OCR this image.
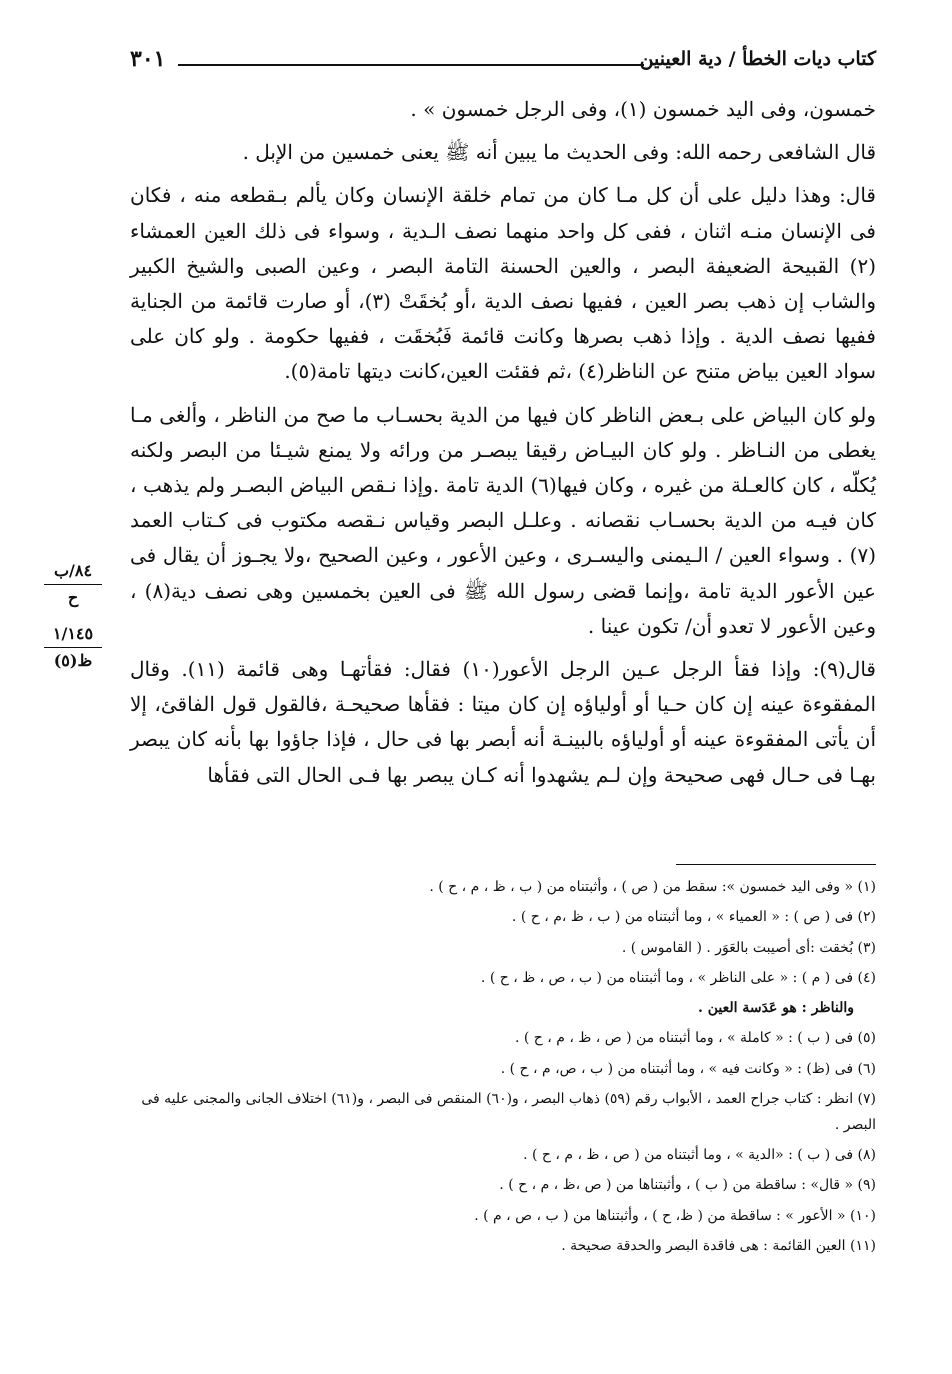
كتاب ديات الخطأ / دية العينين
٣٠١

خمسون، وفى اليد خمسون (١)، وفى الرجل خمسون » .

قال الشافعى رحمه الله: وفى الحديث ما يبين أنه ﷺ يعنى خمسين من الإبل .

قال: وهذا دليل على أن كل مـا كان من تمام خلقة الإنسان وكان يألم بـقطعه منه ، فكان فى الإنسان منـه اثنان ، ففى كل واحد منهما نصف الـدية ، وسواء فى ذلك العين العمشاء (٢) القبيحة الضعيفة البصر ، والعين الحسنة التامة البصر ، وعين الصبى والشيخ الكبير والشاب إن ذهب بصر العين ، ففيها نصف الدية ،أو بُخقَتْ (٣)، أو صارت قائمة من الجناية ففيها نصف الدية . وإذا ذهب بصرها وكانت قائمة فَبُخقَت ، ففيها حكومة . ولو كان على سواد العين بياض متنح عن الناظر(٤) ،ثم فقئت العين،كانت ديتها تامة(٥).

ولو كان البياض على بـعض الناظر كان فيها من الدية بحسـاب ما صح من الناظر ، وألغى مـا يغطى من النـاظر . ولو كان البيـاض رقيقا يبصـر من ورائه ولا يمنع شيـئا من البصر ولكنه يُكلّه ، كان كالعـلة من غيره ، وكان فيها(٦) الدية تامة .وإذا نـقص البياض البصـر ولم يذهب ، كان فيـه من الدية بحسـاب نقصانه . وعلـل البصر وقياس نـقصه مكتوب فى كـتاب العمد (٧) . وسواء العين / الـيمنى واليسـرى ، وعين الأعور ، وعين الصحيح ،ولا يجـوز أن يقال فى عين الأعور الدية تامة ،وإنما قضى رسول الله ﷺ فى العين بخمسين وهى نصف دية(٨) ، وعين الأعور لا تعدو أن/ تكون عينا .

قال(٩): وإذا فقأ الرجل عـين الرجل الأعور(١٠) فقال: فقأتهـا وهى قائمة (١١). وقال المفقوءة عينه إن كان حـيا أو أولياؤه إن كان ميتا : فقأها صحيحـة ،فالقول قول الفاقئ، إلا أن يأتى المفقوءة عينه أو أولياؤه بالبينـة أنه أبصر بها فى حال ، فإذا جاؤوا بها بأنه كان يبصر بهـا فى حـال فهى صحيحة وإن لـم يشهدوا أنه كـان يبصر بها فـى الحال التى فقأها

٨٤/ب
ح
١/١٤٥
ظ(٥)

(١) « وفى اليد خمسون »: سقط من ( ص ) ، وأثبتناه من ( ب ، ظ ، م ، ح ) .

(٢) فى ( ص ) : « العمياء » ، وما أثبتناه من ( ب ، ظ ،م ، ح ) .

(٣) بُخقت :أى أصيبت بالعَوَر . ( القاموس ) .

(٤) فى ( م ) : « على الناظر » ، وما أثبتناه من ( ب ، ص ، ظ ، ح ) .

والناظر : هو عَدَسة العين .

(٥) فى ( ب ) : « كاملة » ، وما أثبتناه من ( ص ، ظ ، م ، ح ) .

(٦) فى (ظ) : « وكانت فيه » ، وما أثبتناه من ( ب ، ص، م ، ح ) .

(٧) انظر : كتاب جراح العمد ، الأبواب رقم (٥٩) ذهاب البصر ، و(٦٠) المنقص فى البصر ، و(٦١) اختلاف الجانى والمجنى عليه فى البصر .

(٨) فى ( ب ) : «الدية » ، وما أثبتناه من ( ص ، ظ ، م ، ح ) .

(٩) « قال» : ساقطة من ( ب ) ، وأثبتناها من ( ص ،ظ ، م ، ح ) .

(١٠) « الأعور » : ساقطة من ( ظ، ح ) ، وأثبتناها من ( ب ، ص ، م ) .

(١١) العين القائمة : هى فاقدة البصر والحدقة صحيحة .
